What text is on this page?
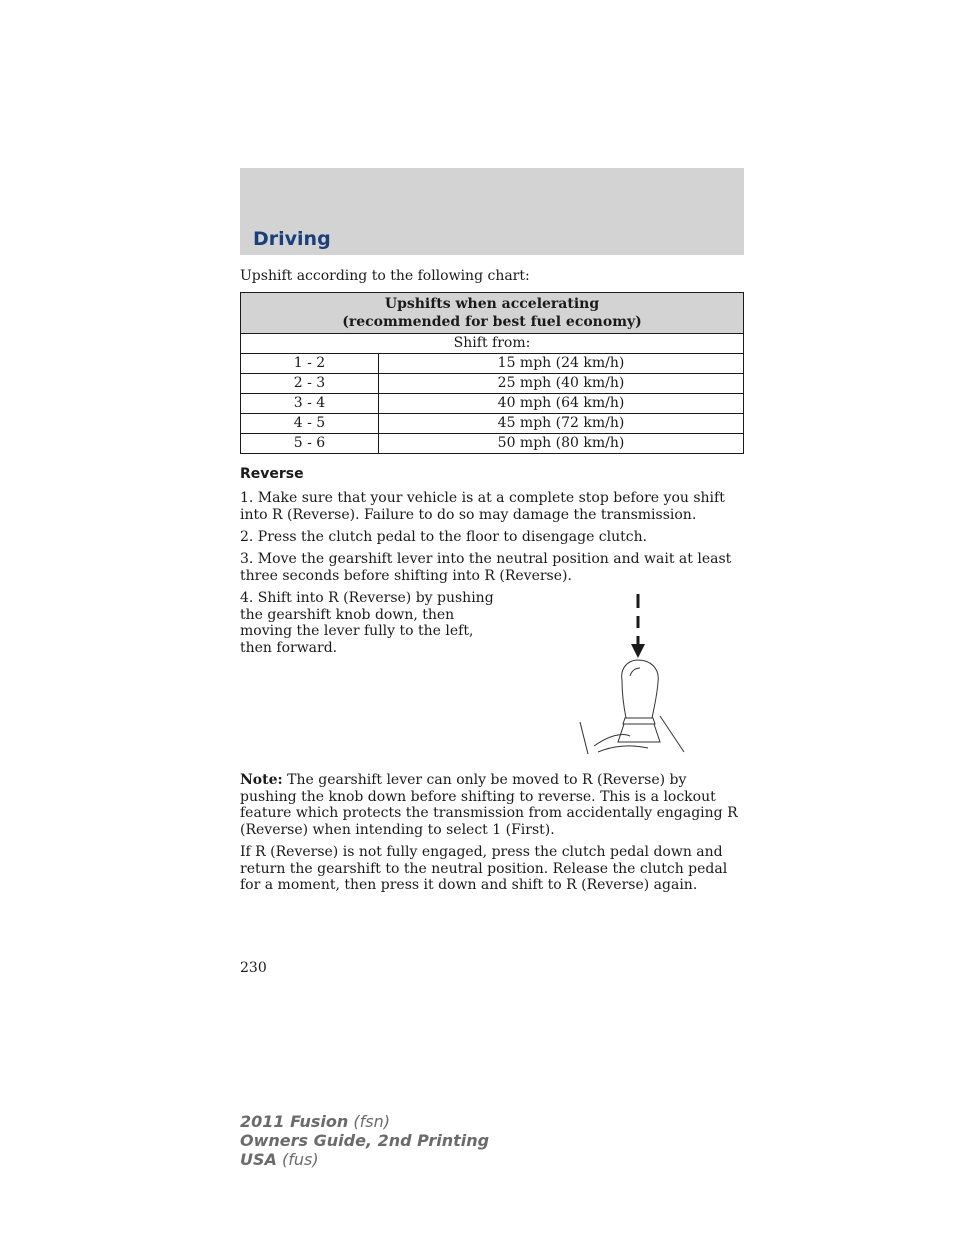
Driving
Upshift according to the following chart:
Upshifts when accelerating
(recommended for best fuel economy)	
Shift from:	
1 - 2	15 mph (24 km/h)
2 - 3	25 mph (40 km/h)
3 - 4	40 mph (64 km/h)
4 - 5	45 mph (72 km/h)
5 - 6	50 mph (80 km/h)
Reverse
1. Make sure that your vehicle is at a complete stop before you shift into R (Reverse). Failure to do so may damage the transmission.
2. Press the clutch pedal to the floor to disengage clutch.
3. Move the gearshift lever into the neutral position and wait at least three seconds before shifting into R (Reverse).
4. Shift into R (Reverse) by pushing the gearshift knob down, then moving the lever fully to the left, then forward.
Note: The gearshift lever can only be moved to R (Reverse) by pushing the knob down before shifting to reverse. This is a lockout feature which protects the transmission from accidentally engaging R (Reverse) when intending to select 1 (First).
If R (Reverse) is not fully engaged, press the clutch pedal down and return the gearshift to the neutral position. Release the clutch pedal for a moment, then press it down and shift to R (Reverse) again.
230
2011 Fusion (fsn)
Owners Guide, 2nd Printing
USA (fus)
